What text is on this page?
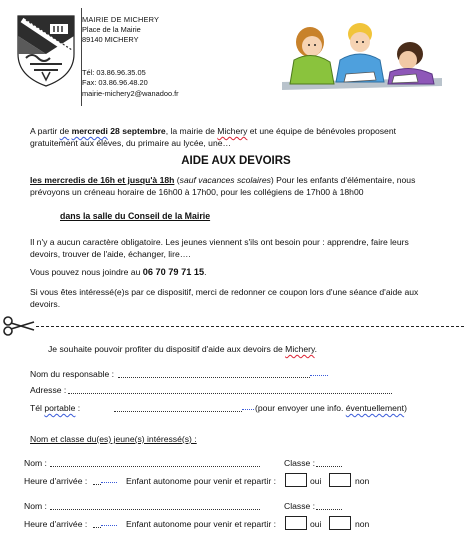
MAIRIE DE MICHERY
Place de la Mairie
89140 MICHERY
Tél: 03.86.96.35.05
Fax: 03.86.96.48.20
mairie-michery2@wanadoo.fr
A partir de mercredi 28 septembre, la mairie de Michery et une équipe de bénévoles proposent
gratuitement aux élèves, du primaire au lycée, une…
AIDE AUX DEVOIRS
les mercredis de 16h et jusqu'à 18h (sauf vacances scolaires) Pour les enfants d'élémentaire, nous
prévoyons un créneau horaire de 16h00 à 17h00, pour les collégiens de 17h00 à 18h00
dans la salle du Conseil de la Mairie
Il n'y a aucun caractère obligatoire. Les jeunes viennent s'ils ont besoin pour : apprendre, faire leurs
devoirs, trouver de l'aide, échanger, lire….
Vous pouvez nous joindre au 06 70 79 71 15.
Si vous êtes intéressé(e)s par ce dispositif, merci de redonner ce coupon lors d'une séance d'aide aux
devoirs.
Je souhaite pouvoir profiter du dispositif d'aide aux devoirs de Michery.
Nom du responsable :
Adresse :
Tél portable :	(pour envoyer une info. éventuellement)
Nom et classe du(es) jeune(s) intéressé(s) :
Nom :	Classe :
Heure d'arrivée :	Enfant autonome pour venir et repartir :	oui	non
Nom :	Classe :
Heure d'arrivée :	Enfant autonome pour venir et repartir :	oui	non
